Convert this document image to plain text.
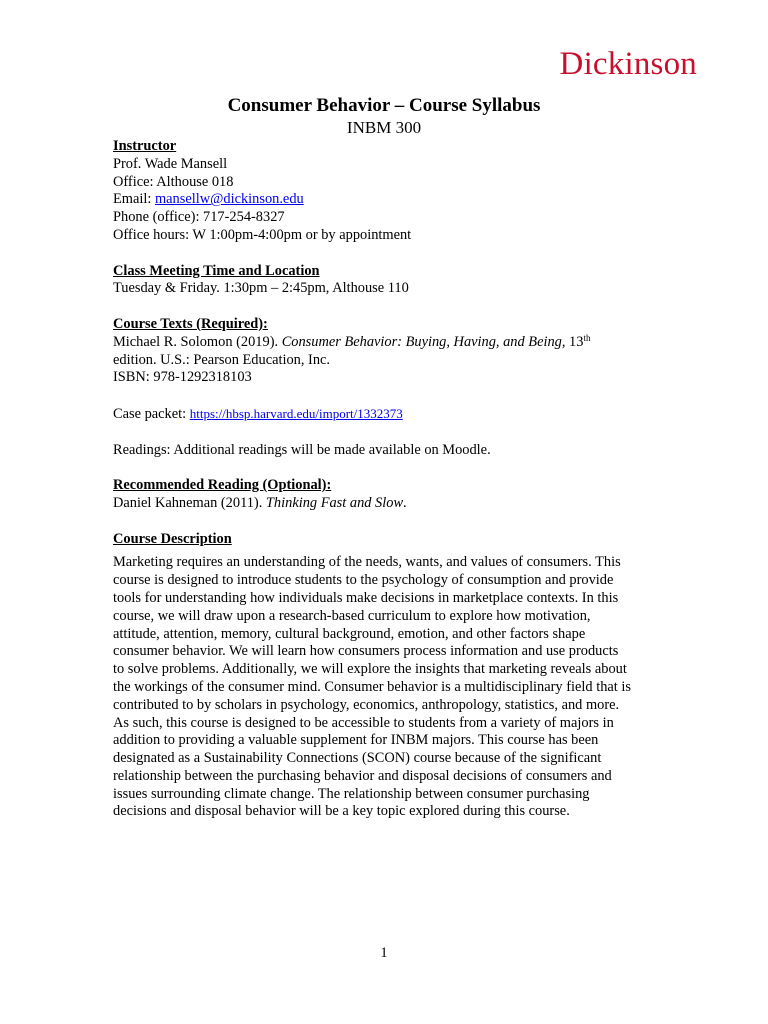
Dickinson
Consumer Behavior – Course Syllabus
INBM 300
Instructor
Prof. Wade Mansell
Office: Althouse 018
Email: mansellw@dickinson.edu
Phone (office): 717-254-8327
Office hours: W 1:00pm-4:00pm or by appointment
Class Meeting Time and Location
Tuesday & Friday. 1:30pm – 2:45pm, Althouse 110
Course Texts (Required):
Michael R. Solomon (2019). Consumer Behavior: Buying, Having, and Being, 13th
edition. U.S.: Pearson Education, Inc.
ISBN: 978-1292318103
Case packet: https://hbsp.harvard.edu/import/1332373
Readings: Additional readings will be made available on Moodle.
Recommended Reading (Optional):
Daniel Kahneman (2011). Thinking Fast and Slow.
Course Description
Marketing requires an understanding of the needs, wants, and values of consumers. This
course is designed to introduce students to the psychology of consumption and provide
tools for understanding how individuals make decisions in marketplace contexts. In this
course, we will draw upon a research-based curriculum to explore how motivation,
attitude, attention, memory, cultural background, emotion, and other factors shape
consumer behavior. We will learn how consumers process information and use products
to solve problems. Additionally, we will explore the insights that marketing reveals about
the workings of the consumer mind. Consumer behavior is a multidisciplinary field that is
contributed to by scholars in psychology, economics, anthropology, statistics, and more.
As such, this course is designed to be accessible to students from a variety of majors in
addition to providing a valuable supplement for INBM majors. This course has been
designated as a Sustainability Connections (SCON) course because of the significant
relationship between the purchasing behavior and disposal decisions of consumers and
issues surrounding climate change. The relationship between consumer purchasing
decisions and disposal behavior will be a key topic explored during this course.
1
